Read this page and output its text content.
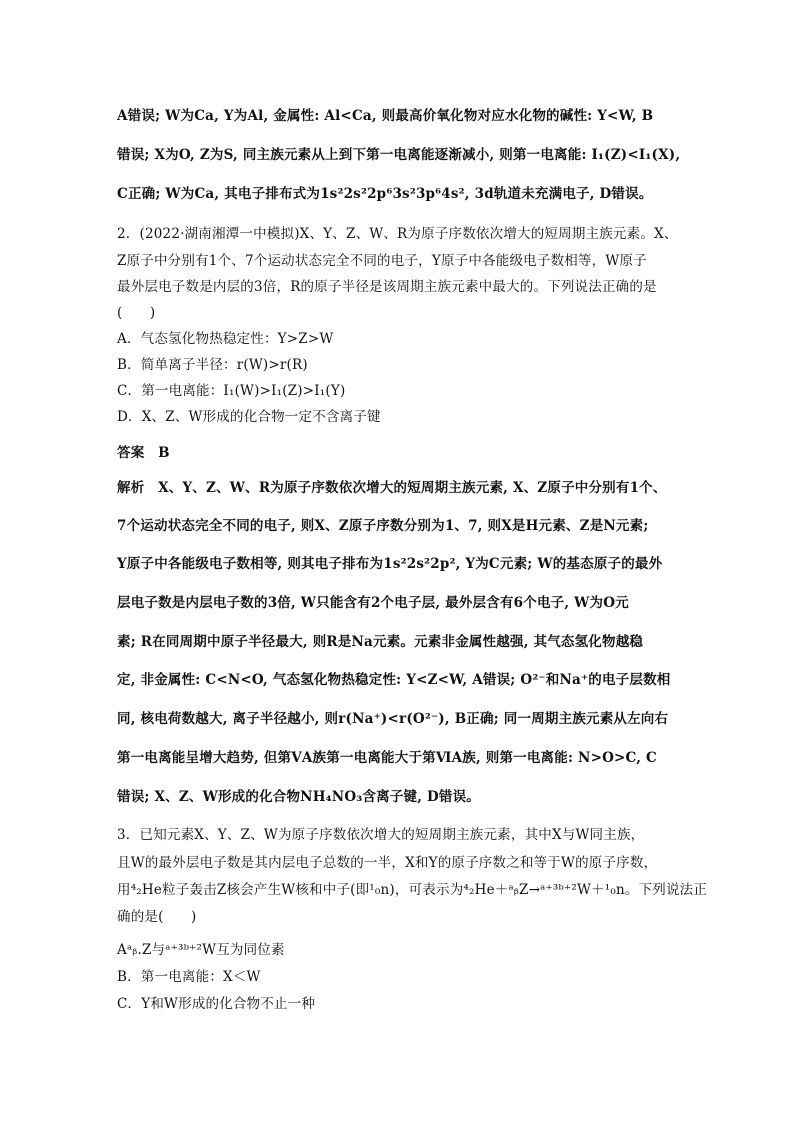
A错误; W为Ca, Y为Al, 金属性: Al<Ca, 则最高价氧化物对应水化物的碱性: Y<W, B
错误; X为O, Z为S, 同主族元素从上到下第一电离能逐渐减小, 则第一电离能: I₁(Z)<I₁(X),
C正确; W为Ca, 其电子排布式为1s²2s²2p⁶3s²3p⁶4s², 3d轨道未充满电子, D错误。
2．(2022·湖南湘潭一中模拟)X、Y、Z、W、R为原子序数依次增大的短周期主族元素。X、
Z原子中分别有1个、7个运动状态完全不同的电子，Y原子中各能级电子数相等，W原子
最外层电子数是内层的3倍，R的原子半径是该周期主族元素中最大的。下列说法正确的是
(　　)
A．气态氢化物热稳定性：Y>Z>W
B．简单离子半径：r(W)>r(R)
C．第一电离能：I₁(W)>I₁(Z)>I₁(Y)
D．X、Z、W形成的化合物一定不含离子键
答案　B
解析　X、Y、Z、W、R为原子序数依次增大的短周期主族元素, X、Z原子中分别有1个、
7个运动状态完全不同的电子, 则X、Z原子序数分别为1、7, 则X是H元素、Z是N元素;
Y原子中各能级电子数相等, 则其电子排布为1s²2s²2p², Y为C元素; W的基态原子的最外
层电子数是内层电子数的3倍, W只能含有2个电子层, 最外层含有6个电子, W为O元
素; R在同周期中原子半径最大, 则R是Na元素。元素非金属性越强, 其气态氢化物越稳
定, 非金属性: C<N<O, 气态氢化物热稳定性: Y<Z<W, A错误; O²⁻和Na⁺的电子层数相
同, 核电荷数越大, 离子半径越小, 则r(Na⁺)<r(O²⁻), B正确; 同一周期主族元素从左向右
第一电离能呈增大趋势, 但第ⅤA族第一电离能大于第ⅥA族, 则第一电离能: N>O>C, C
错误; X、Z、W形成的化合物NH₄NO₃含离子键, D错误。
3．已知元素X、Y、Z、W为原子序数依次增大的短周期主族元素，其中X与W同主族，
且W的最外层电子数是其内层电子总数的一半，X和Y的原子序数之和等于W的原子序数，
用⁴₂He粒子轰击Z核会产生W核和中子(即¹₀n)，可表示为⁴₂He＋ᵃᵦZ→ᵃ⁺³ᵇ⁺²W＋¹₀n。下列说法正
确的是(　　)
Aᵃᵦ.Z与ᵃ⁺³ᵇ⁺²W互为同位素
B．第一电离能：X＜W
C．Y和W形成的化合物不止一种
